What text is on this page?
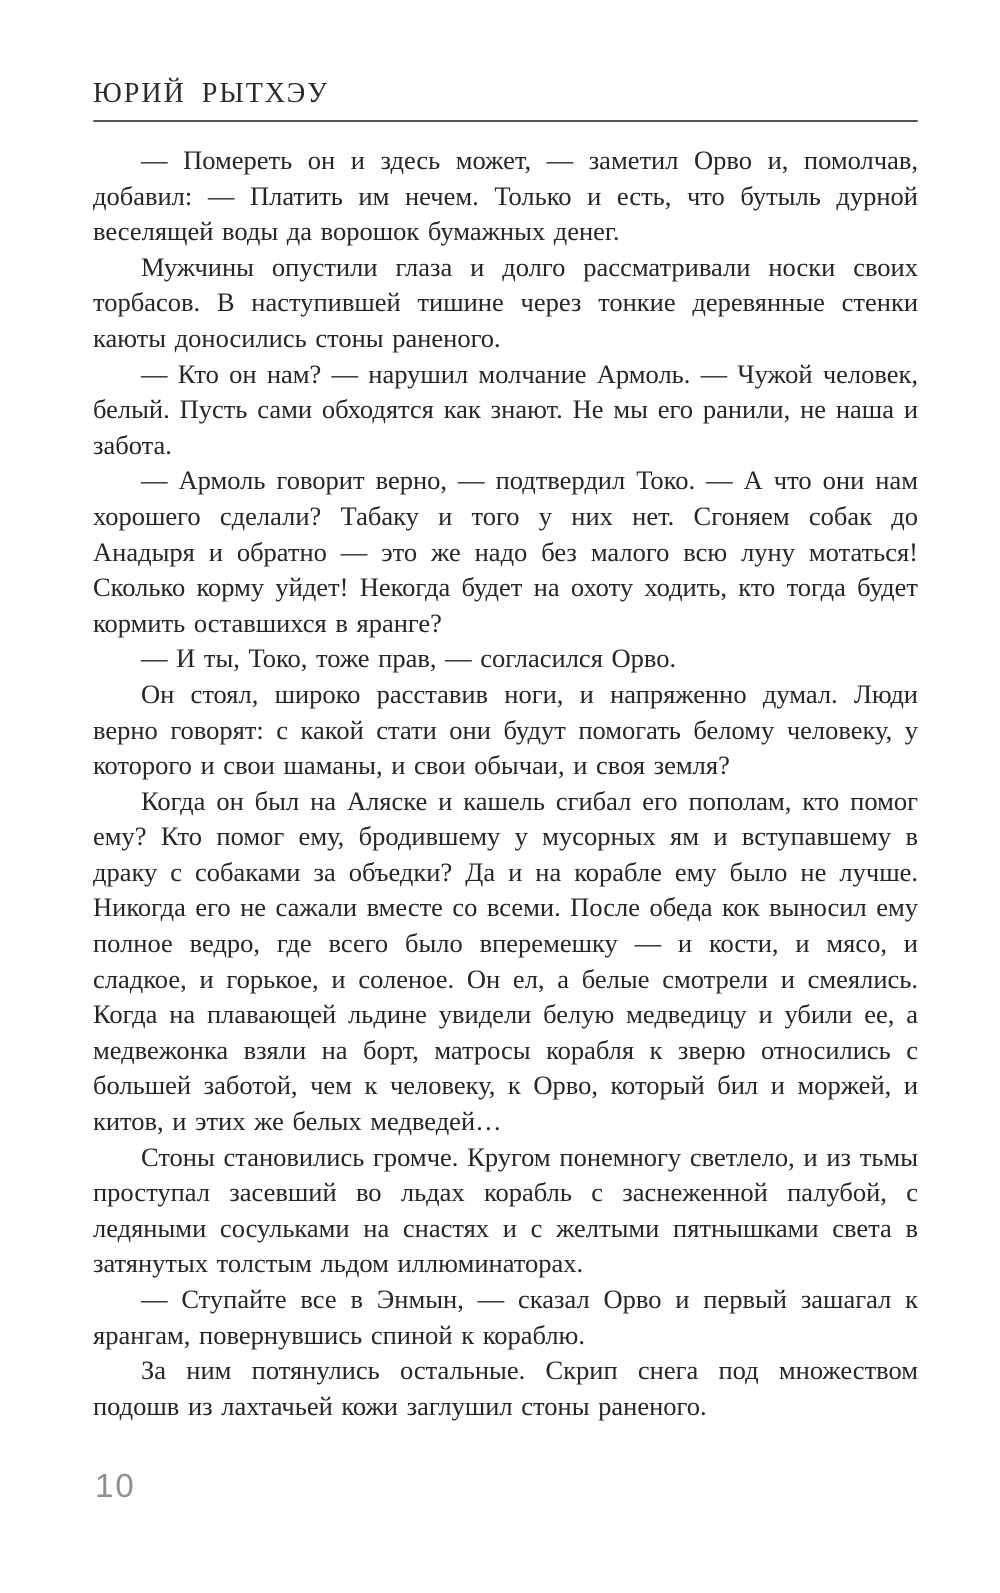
ЮРИЙ РЫТХЭУ

— Помереть он и здесь может, — заметил Орво и, помолчав, добавил: — Платить им нечем. Только и есть, что бутыль дурной веселящей воды да ворошок бумажных денег.

Мужчины опустили глаза и долго рассматривали носки своих торбасов. В наступившей тишине через тонкие деревянные стенки каюты доносились стоны раненого.

— Кто он нам? — нарушил молчание Армоль. — Чужой человек, белый. Пусть сами обходятся как знают. Не мы его ранили, не наша и забота.

— Армоль говорит верно, — подтвердил Токо. — А что они нам хорошего сделали? Табаку и того у них нет. Сгоняем собак до Анадыря и обратно — это же надо без малого всю луну мотаться! Сколько корму уйдет! Некогда будет на охоту ходить, кто тогда будет кормить оставшихся в яранге?

— И ты, Токо, тоже прав, — согласился Орво.

Он стоял, широко расставив ноги, и напряженно думал. Люди верно говорят: с какой стати они будут помогать белому человеку, у которого и свои шаманы, и свои обычаи, и своя земля?

Когда он был на Аляске и кашель сгибал его пополам, кто помог ему? Кто помог ему, бродившему у мусорных ям и вступавшему в драку с собаками за объедки? Да и на корабле ему было не лучше. Никогда его не сажали вместе со всеми. После обеда кок выносил ему полное ведро, где всего было вперемешку — и кости, и мясо, и сладкое, и горькое, и соленое. Он ел, а белые смотрели и смеялись. Когда на плавающей льдине увидели белую медведицу и убили ее, а медвежонка взяли на борт, матросы корабля к зверю относились с большей заботой, чем к человеку, к Орво, который бил и моржей, и китов, и этих же белых медведей…

Стоны становились громче. Кругом понемногу светлело, и из тьмы проступал засевший во льдах корабль с заснеженной палубой, с ледяными сосульками на снастях и с желтыми пятнышками света в затянутых толстым льдом иллюминаторах.

— Ступайте все в Энмын, — сказал Орво и первый зашагал к ярангам, повернувшись спиной к кораблю.

За ним потянулись остальные. Скрип снега под множеством подошв из лахтачьей кожи заглушил стоны раненого.

10
